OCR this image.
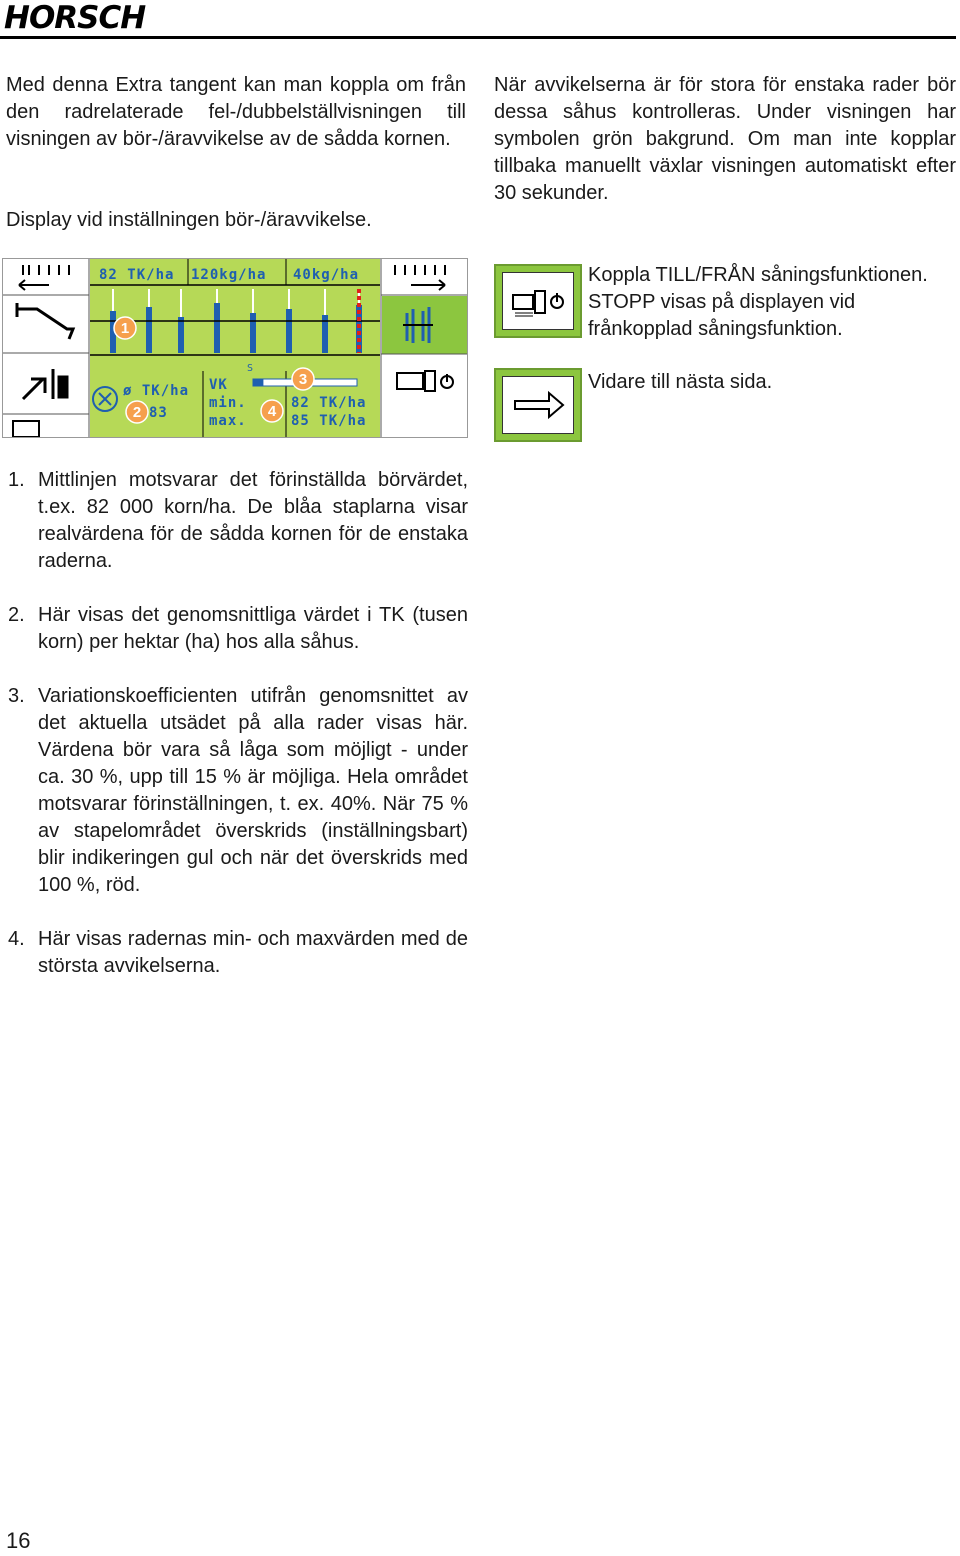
HORSCH
Med denna Extra tangent kan man koppla om från den radrelaterade fel-/dubbelställvisningen till visningen av bör-/äravvikelse av de sådda kornen.
Display vid inställningen bör-/äravvikelse.
När avvikelserna är för stora för enstaka rader bör dessa såhus kontrolleras. Under visningen har symbolen grön bakgrund. Om man inte kopplar tillbaka manuellt växlar visningen automatiskt efter 30 sekunder.
82 TK/ha 120kg/ha 40kg/ha
ø TK/ha
83
VK
min.
max.
82 TK/ha
85 TK/ha
S
1
2
3
4
Koppla TILL/FRÅN såningsfunktionen. STOPP visas på displayen vid frånkopplad såningsfunktion.
Vidare till nästa sida.
1. Mittlinjen motsvarar det förinställda börvärdet, t.ex. 82 000 korn/ha. De blåa staplarna visar realvärdena för de sådda kornen för de enstaka raderna.

2. Här visas det genomsnittliga värdet i TK (tusen korn) per hektar (ha) hos alla såhus.

3. Variationskoefficienten utifrån genomsnittet av det aktuella utsädet på alla rader visas här. Värdena bör vara så låga som möjligt - under ca. 30 %, upp till 15 % är möjliga. Hela området motsvarar förinställningen, t. ex. 40%. När 75 % av stapelområdet överskrids (inställningsbart) blir indikeringen gul och när det överskrids med 100 %, röd.

4. Här visas radernas min- och maxvärden med de största avvikelserna.

16
